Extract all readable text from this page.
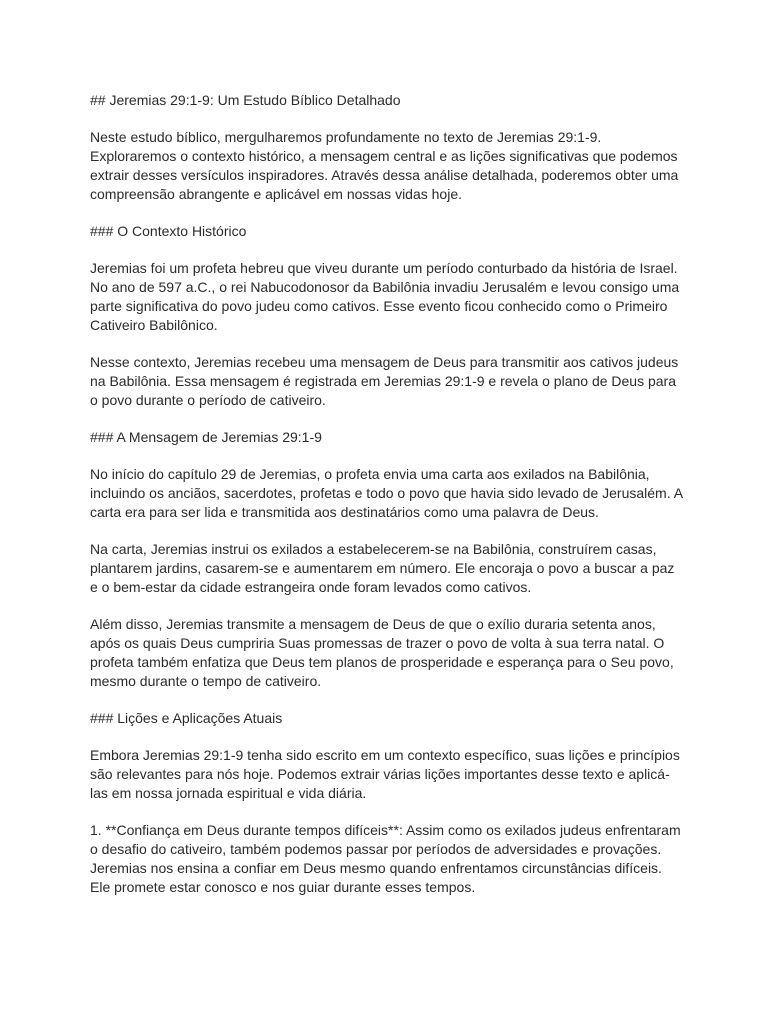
## Jeremias 29:1-9: Um Estudo Bíblico Detalhado
Neste estudo bíblico, mergulharemos profundamente no texto de Jeremias 29:1-9.
Exploraremos o contexto histórico, a mensagem central e as lições significativas que podemos
extrair desses versículos inspiradores. Através dessa análise detalhada, poderemos obter uma
compreensão abrangente e aplicável em nossas vidas hoje.
### O Contexto Histórico
Jeremias foi um profeta hebreu que viveu durante um período conturbado da história de Israel.
No ano de 597 a.C., o rei Nabucodonosor da Babilônia invadiu Jerusalém e levou consigo uma
parte significativa do povo judeu como cativos. Esse evento ficou conhecido como o Primeiro
Cativeiro Babilônico.
Nesse contexto, Jeremias recebeu uma mensagem de Deus para transmitir aos cativos judeus
na Babilônia. Essa mensagem é registrada em Jeremias 29:1-9 e revela o plano de Deus para
o povo durante o período de cativeiro.
### A Mensagem de Jeremias 29:1-9
No início do capítulo 29 de Jeremias, o profeta envia uma carta aos exilados na Babilônia,
incluindo os anciãos, sacerdotes, profetas e todo o povo que havia sido levado de Jerusalém. A
carta era para ser lida e transmitida aos destinatários como uma palavra de Deus.
Na carta, Jeremias instrui os exilados a estabelecerem-se na Babilônia, construírem casas,
plantarem jardins, casarem-se e aumentarem em número. Ele encoraja o povo a buscar a paz
e o bem-estar da cidade estrangeira onde foram levados como cativos.
Além disso, Jeremias transmite a mensagem de Deus de que o exílio duraria setenta anos,
após os quais Deus cumpriria Suas promessas de trazer o povo de volta à sua terra natal. O
profeta também enfatiza que Deus tem planos de prosperidade e esperança para o Seu povo,
mesmo durante o tempo de cativeiro.
### Lições e Aplicações Atuais
Embora Jeremias 29:1-9 tenha sido escrito em um contexto específico, suas lições e princípios
são relevantes para nós hoje. Podemos extrair várias lições importantes desse texto e aplicá-
las em nossa jornada espiritual e vida diária.
1. **Confiança em Deus durante tempos difíceis**: Assim como os exilados judeus enfrentaram
o desafio do cativeiro, também podemos passar por períodos de adversidades e provações.
Jeremias nos ensina a confiar em Deus mesmo quando enfrentamos circunstâncias difíceis.
Ele promete estar conosco e nos guiar durante esses tempos.
